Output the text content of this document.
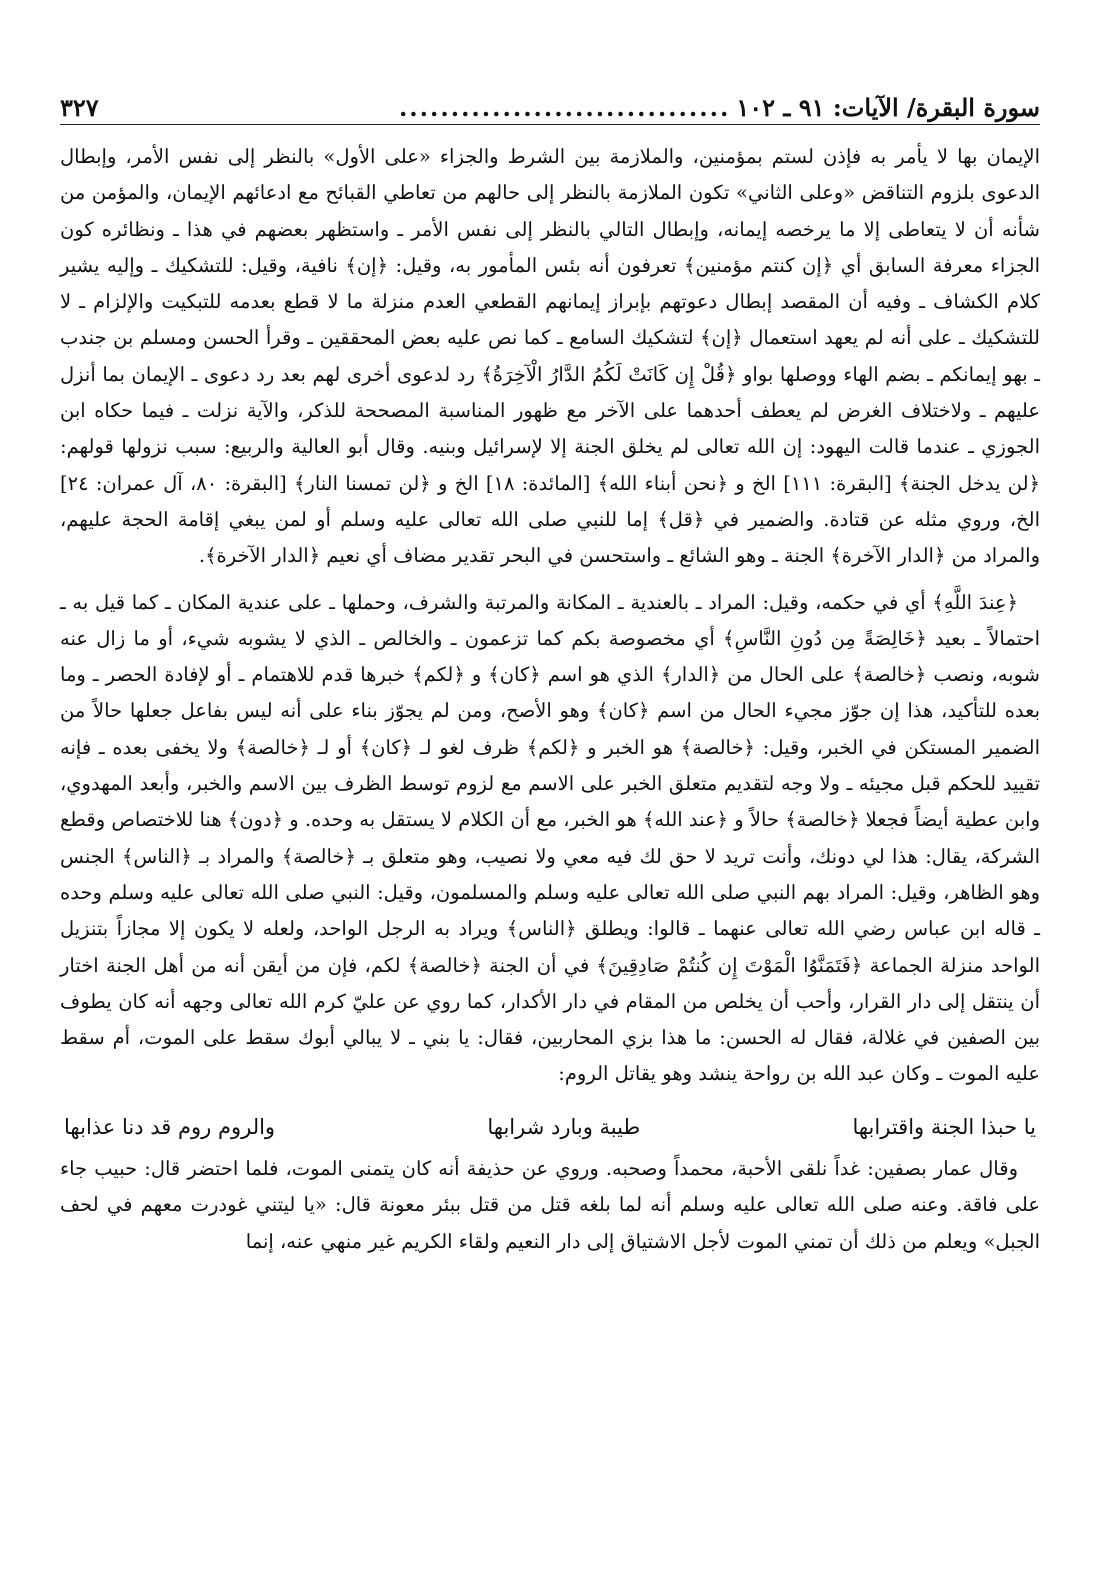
سورة البقرة/ الآيات: ٩١ ـ ١٠٢
................................
٣٢٧

الإيمان بها لا يأمر به فإذن لستم بمؤمنين، والملازمة بين الشرط والجزاء «على الأول» بالنظر إلى نفس الأمر، وإبطال الدعوى بلزوم التناقض «وعلى الثاني» تكون الملازمة بالنظر إلى حالهم من تعاطي القبائح مع ادعائهم الإيمان، والمؤمن من شأنه أن لا يتعاطى إلا ما يرخصه إيمانه، وإبطال التالي بالنظر إلى نفس الأمر ـ واستظهر بعضهم في هذا ـ ونظائره كون الجزاء معرفة السابق أي ﴿إن كنتم مؤمنين﴾ تعرفون أنه بئس المأمور به، وقيل: ﴿إن﴾ نافية، وقيل: للتشكيك ـ وإليه يشير كلام الكشاف ـ وفيه أن المقصد إبطال دعوتهم بإبراز إيمانهم القطعي العدم منزلة ما لا قطع بعدمه للتبكيت والإلزام ـ لا للتشكيك ـ على أنه لم يعهد استعمال ﴿إن﴾ لتشكيك السامع ـ كما نص عليه بعض المحققين ـ وقرأ الحسن ومسلم بن جندب ـ بهو إيمانكم ـ بضم الهاء ووصلها بواو ﴿قُلْ إِن كَانَتْ لَكُمُ الدَّارُ الْآخِرَةُ﴾ رد لدعوى أخرى لهم بعد رد دعوى ـ الإيمان بما أنزل عليهم ـ ولاختلاف الغرض لم يعطف أحدهما على الآخر مع ظهور المناسبة المصححة للذكر، والآية نزلت ـ فيما حكاه ابن الجوزي ـ عندما قالت اليهود: إن الله تعالى لم يخلق الجنة إلا لإسرائيل وبنيه. وقال أبو العالية والربيع: سبب نزولها قولهم: ﴿لن يدخل الجنة﴾ [البقرة: ١١١] الخ و ﴿نحن أبناء الله﴾ [المائدة: ١٨] الخ و ﴿لن تمسنا النار﴾ [البقرة: ٨٠، آل عمران: ٢٤] الخ، وروي مثله عن قتادة. والضمير في ﴿قل﴾ إما للنبي صلى الله تعالى عليه وسلم أو لمن يبغي إقامة الحجة عليهم، والمراد من ﴿الدار الآخرة﴾ الجنة ـ وهو الشائع ـ واستحسن في البحر تقدير مضاف أي نعيم ﴿الدار الآخرة﴾.

﴿عِندَ اللَّهِ﴾ أي في حكمه، وقيل: المراد ـ بالعندية ـ المكانة والمرتبة والشرف، وحملها ـ على عندية المكان ـ كما قيل به ـ احتمالاً ـ بعيد ﴿خَالِصَةً مِن دُونِ النَّاسِ﴾ أي مخصوصة بكم كما تزعمون ـ والخالص ـ الذي لا يشوبه شيء، أو ما زال عنه شوبه، ونصب ﴿خالصة﴾ على الحال من ﴿الدار﴾ الذي هو اسم ﴿كان﴾ و ﴿لكم﴾ خبرها قدم للاهتمام ـ أو لإفادة الحصر ـ وما بعده للتأكيد، هذا إن جوّز مجيء الحال من اسم ﴿كان﴾ وهو الأصح، ومن لم يجوّز بناء على أنه ليس بفاعل جعلها حالاً من الضمير المستكن في الخبر، وقيل: ﴿خالصة﴾ هو الخبر و ﴿لكم﴾ ظرف لغو لـ ﴿كان﴾ أو لـ ﴿خالصة﴾ ولا يخفى بعده ـ فإنه تقييد للحكم قبل مجيئه ـ ولا وجه لتقديم متعلق الخبر على الاسم مع لزوم توسط الظرف بين الاسم والخبر، وأبعد المهدوي، وابن عطية أيضاً فجعلا ﴿خالصة﴾ حالاً و ﴿عند الله﴾ هو الخبر، مع أن الكلام لا يستقل به وحده. و ﴿دون﴾ هنا للاختصاص وقطع الشركة، يقال: هذا لي دونك، وأنت تريد لا حق لك فيه معي ولا نصيب، وهو متعلق بـ ﴿خالصة﴾ والمراد بـ ﴿الناس﴾ الجنس وهو الظاهر، وقيل: المراد بهم النبي صلى الله تعالى عليه وسلم والمسلمون، وقيل: النبي صلى الله تعالى عليه وسلم وحده ـ قاله ابن عباس رضي الله تعالى عنهما ـ قالوا: ويطلق ﴿الناس﴾ ويراد به الرجل الواحد، ولعله لا يكون إلا مجازاً بتنزيل الواحد منزلة الجماعة ﴿فَتَمَنَّوُا الْمَوْتَ إِن كُنتُمْ صَادِقِينَ﴾ في أن الجنة ﴿خالصة﴾ لكم، فإن من أيقن أنه من أهل الجنة اختار أن ينتقل إلى دار القرار، وأحب أن يخلص من المقام في دار الأكدار، كما روي عن عليّ كرم الله تعالى وجهه أنه كان يطوف بين الصفين في غلالة، فقال له الحسن: ما هذا بزي المحاربين، فقال: يا بني ـ لا يبالي أبوك سقط على الموت، أم سقط عليه الموت ـ وكان عبد الله بن رواحة ينشد وهو يقاتل الروم:

يا حبذا الجنة واقترابها
طيبة وبارد شرابها
والروم روم قد دنا عذابها

وقال عمار بصفين: غداً نلقى الأحبة، محمداً وصحبه. وروي عن حذيفة أنه كان يتمنى الموت، فلما احتضر قال: حبيب جاء على فاقة. وعنه صلى الله تعالى عليه وسلم أنه لما بلغه قتل من قتل ببئر معونة قال: «يا ليتني غودرت معهم في لحف الجبل» ويعلم من ذلك أن تمني الموت لأجل الاشتياق إلى دار النعيم ولقاء الكريم غير منهي عنه، إنما
